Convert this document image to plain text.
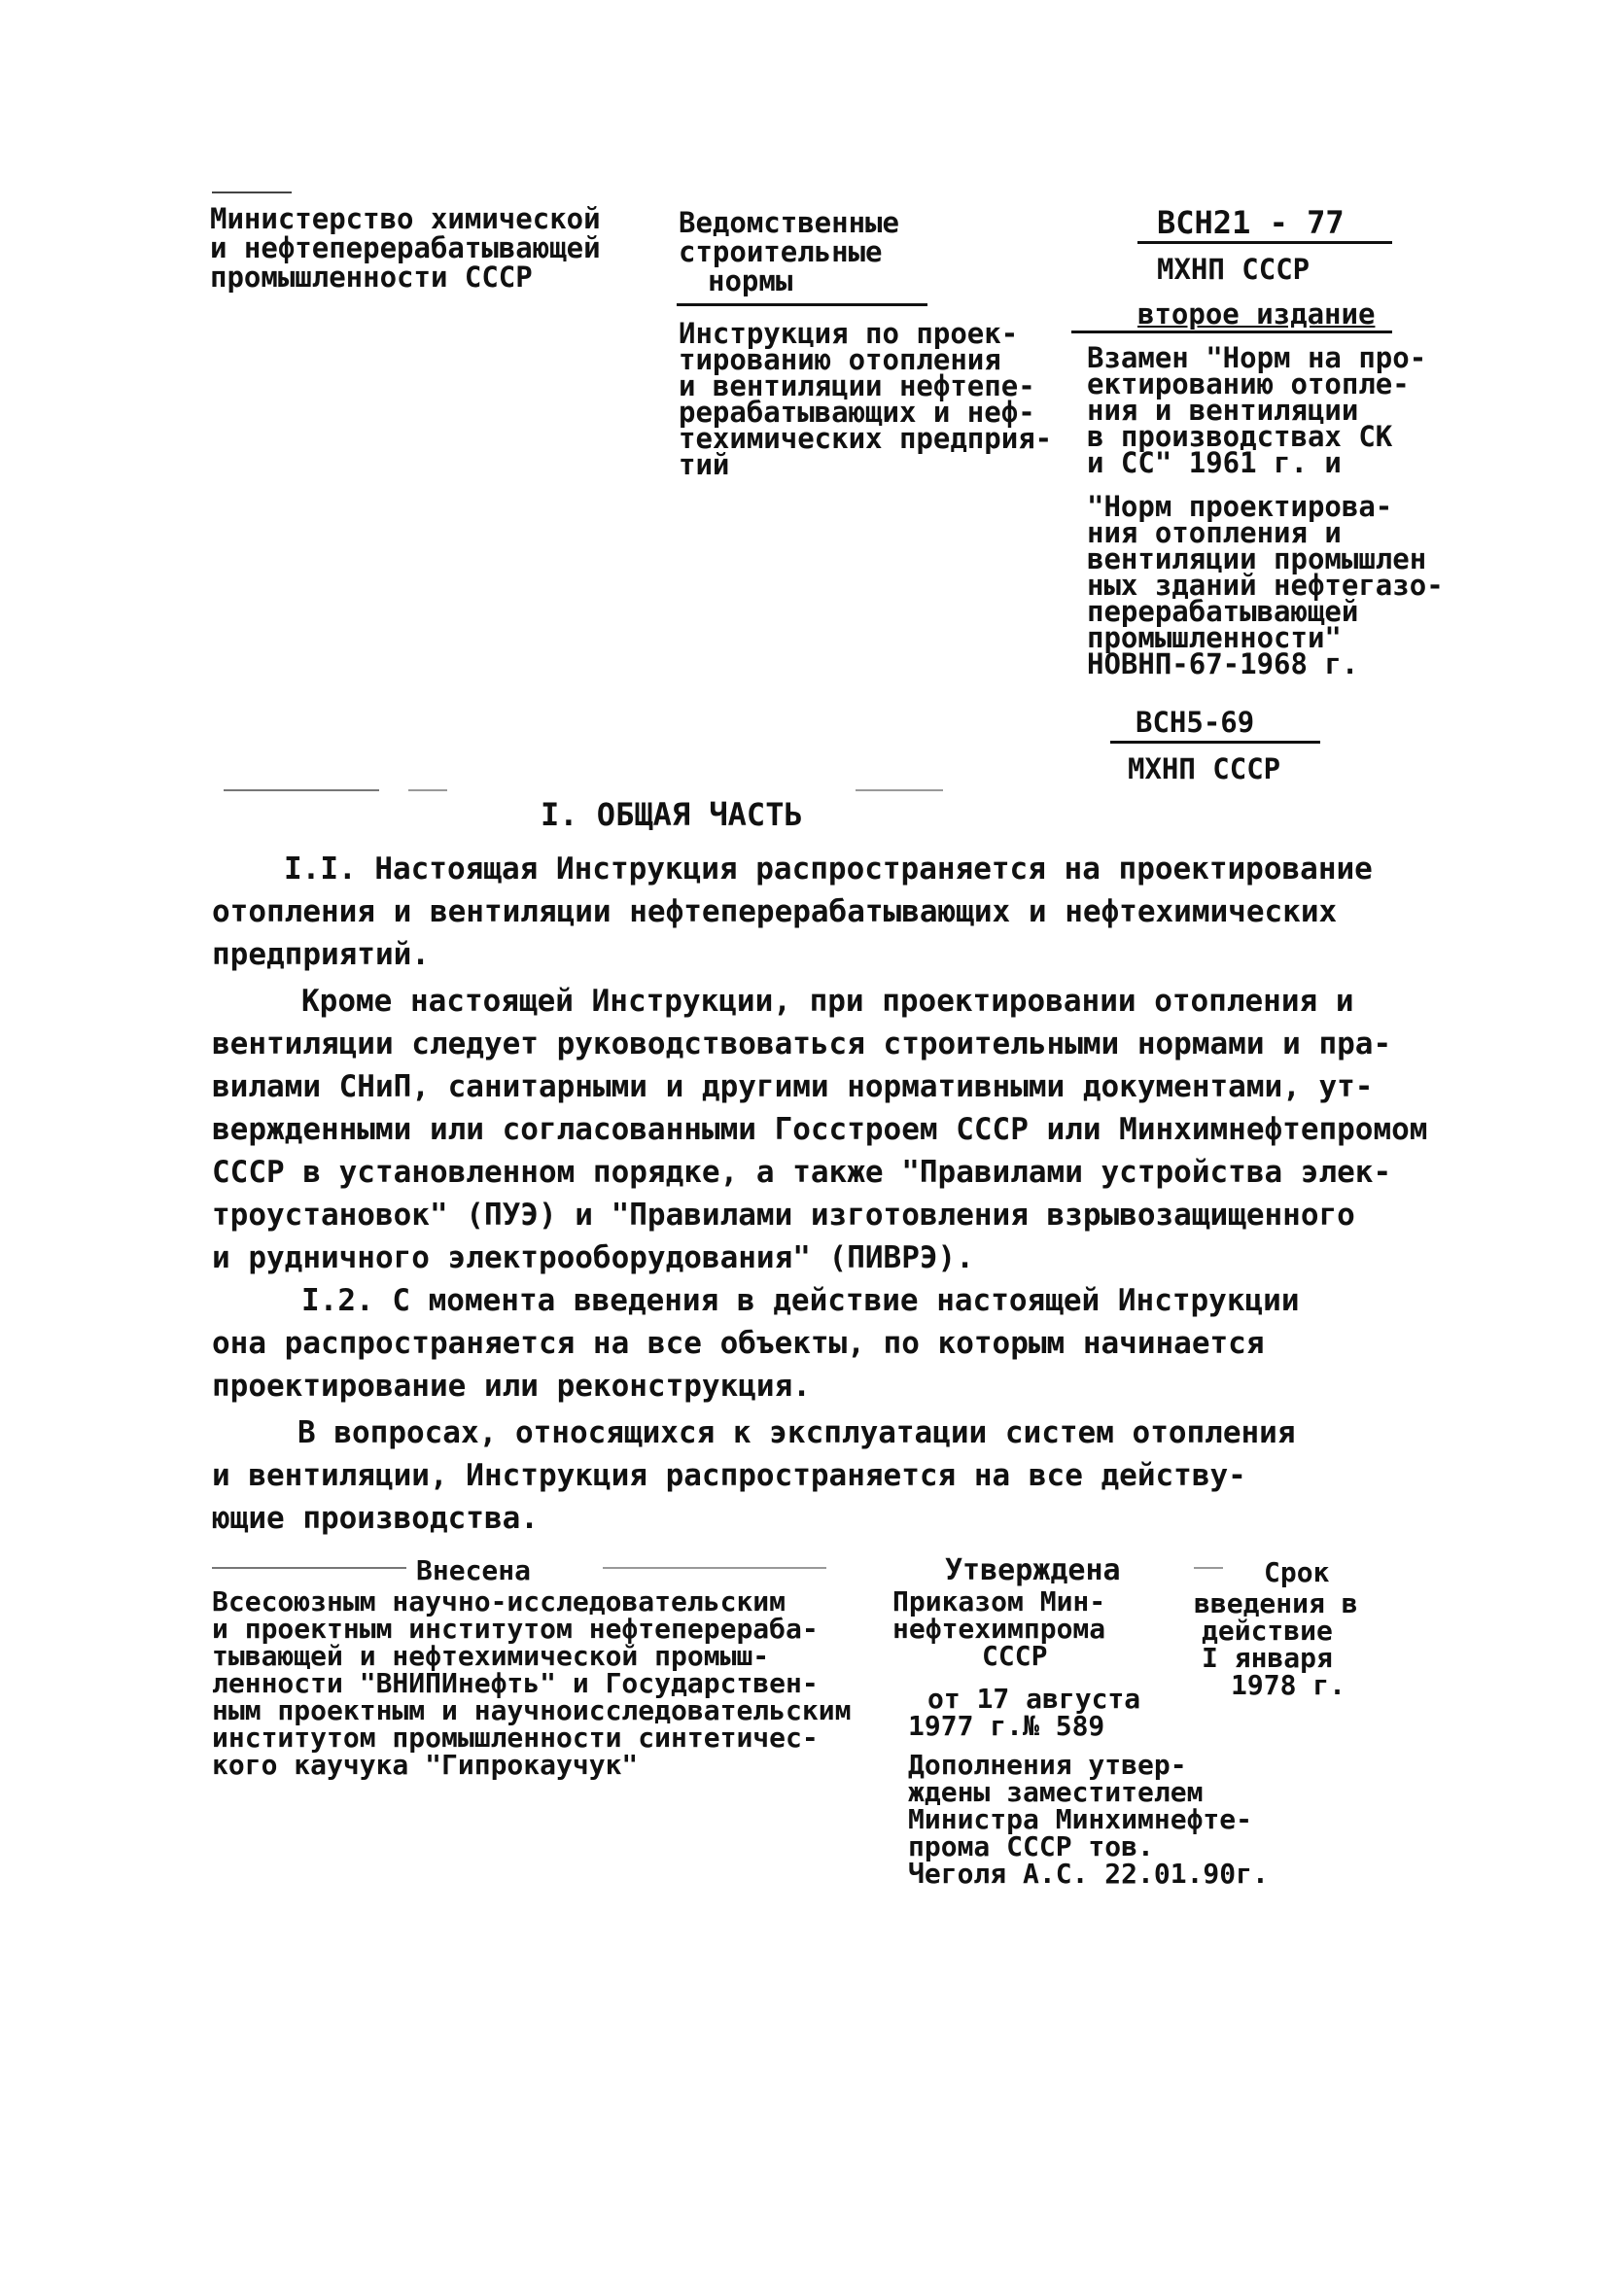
Министерство химической
и нефтеперерабатывающей
промышленности СССР
Ведомственные
строительные
нормы
Инструкция по проек-
тированию отопления
и вентиляции нефтепе-
рерабатывающих и неф-
техимических предприя-
тий
ВСН21 - 77
МХНП СССР
второе издание
Взамен "Норм на про-
ектированию отопле-
ния и вентиляции
в производствах СК
и СС" 1961 г. и
"Норм проектирова-
ния отопления и
вентиляции промышлен
ных зданий нефтегазо-
перерабатывающей
промышленности"
НОВНП-67-1968 г.
ВСН5-69
МХНП СССР
I. ОБЩАЯ ЧАСТЬ
I.I. Настоящая Инструкция распространяется на проектирование
отопления и вентиляции нефтеперерабатывающих и нефтехимических
предприятий.
Кроме настоящей Инструкции, при проектировании отопления и
вентиляции следует руководствоваться строительными нормами и пра-
вилами СНиП, санитарными и другими нормативными документами, ут-
вержденными или согласованными Госстроем СССР или Минхимнефтепромом
СССР в установленном порядке, а также "Правилами устройства элек-
троустановок" (ПУЭ) и "Правилами изготовления взрывозащищенного
и рудничного электрооборудования" (ПИВРЭ).
I.2. С момента введения в действие настоящей Инструкции
она распространяется на все объекты, по которым начинается
проектирование или реконструкция.
В вопросах, относящихся к эксплуатации систем отопления
и вентиляции, Инструкция распространяется на все действу-
ющие производства.
Внесена
Всесоюзным научно-исследовательским
и проектным институтом нефтеперераба-
тывающей и нефтехимической промыш-
ленности "ВНИПИнефть" и Государствен-
ным проектным и научноисследовательским
институтом промышленности синтетичес-
кого каучука "Гипрокаучук"
Утверждена
Приказом Мин-
нефтехимпрома
СССР
от 17 августа
1977 г.№ 589
Дополнения утвер-
ждены заместителем
Министра Минхимнефте-
прома СССР тов.
Чеголя А.С. 22.01.90г.
Срок
введения в
действие
I января
1978 г.
